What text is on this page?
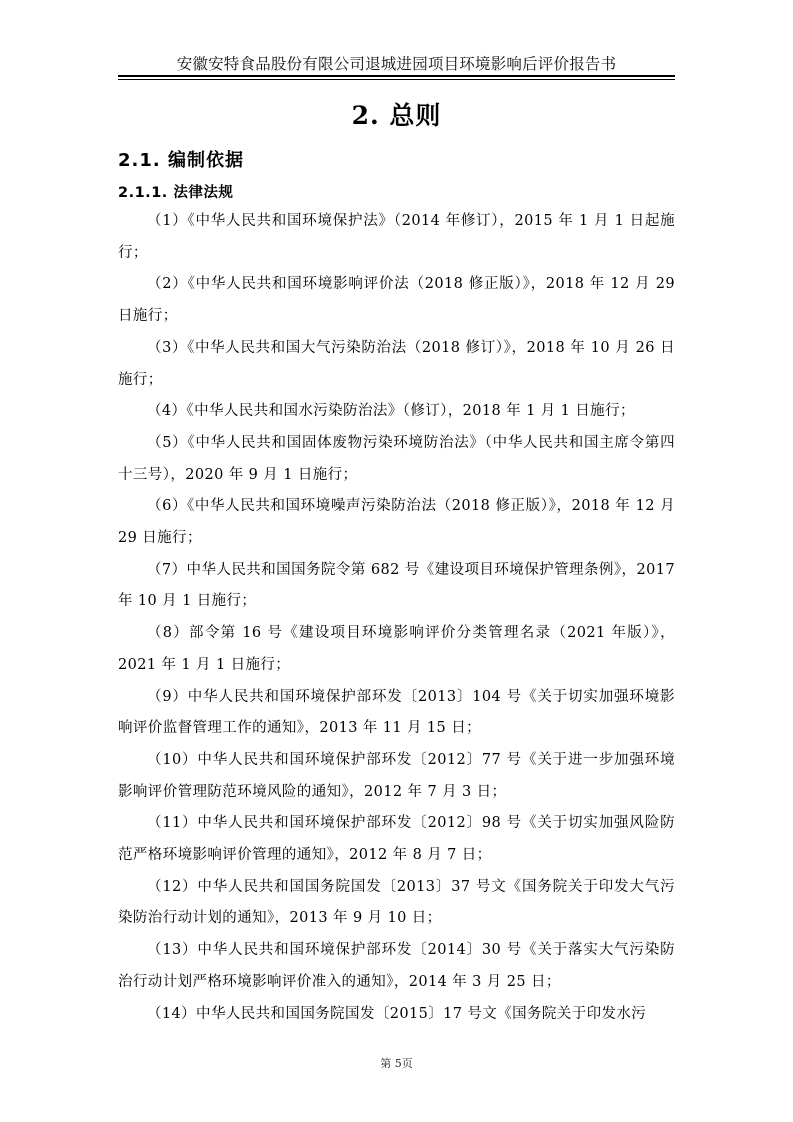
安徽安特食品股份有限公司退城进园项目环境影响后评价报告书
2. 总则
2.1. 编制依据
2.1.1. 法律法规

（1）《中华人民共和国环境保护法》（2014 年修订），2015 年 1 月 1 日起施行；

（2）《中华人民共和国环境影响评价法（2018 修正版）》，2018 年 12 月 29 日施行；

（3）《中华人民共和国大气污染防治法（2018 修订）》，2018 年 10 月 26 日施行；

（4）《中华人民共和国水污染防治法》（修订），2018 年 1 月 1 日施行；

（5）《中华人民共和国固体废物污染环境防治法》（中华人民共和国主席令第四十三号），2020 年 9 月 1 日施行；

（6）《中华人民共和国环境噪声污染防治法（2018 修正版）》，2018 年 12 月 29 日施行；

（7）中华人民共和国国务院令第 682 号《建设项目环境保护管理条例》，2017 年 10 月 1 日施行；

（8）部令第 16 号《建设项目环境影响评价分类管理名录（2021 年版）》，2021 年 1 月 1 日施行；

（9）中华人民共和国环境保护部环发〔2013〕104 号《关于切实加强环境影响评价监督管理工作的通知》，2013 年 11 月 15 日；

（10）中华人民共和国环境保护部环发〔2012〕77 号《关于进一步加强环境影响评价管理防范环境风险的通知》，2012 年 7 月 3 日；

（11）中华人民共和国环境保护部环发〔2012〕98 号《关于切实加强风险防范严格环境影响评价管理的通知》，2012 年 8 月 7 日；

（12）中华人民共和国国务院国发〔2013〕37 号文《国务院关于印发大气污染防治行动计划的通知》，2013 年 9 月 10 日；

（13）中华人民共和国环境保护部环发〔2014〕30 号《关于落实大气污染防治行动计划严格环境影响评价准入的通知》，2014 年 3 月 25 日；

（14）中华人民共和国国务院国发〔2015〕17 号文《国务院关于印发水污

第 5页
